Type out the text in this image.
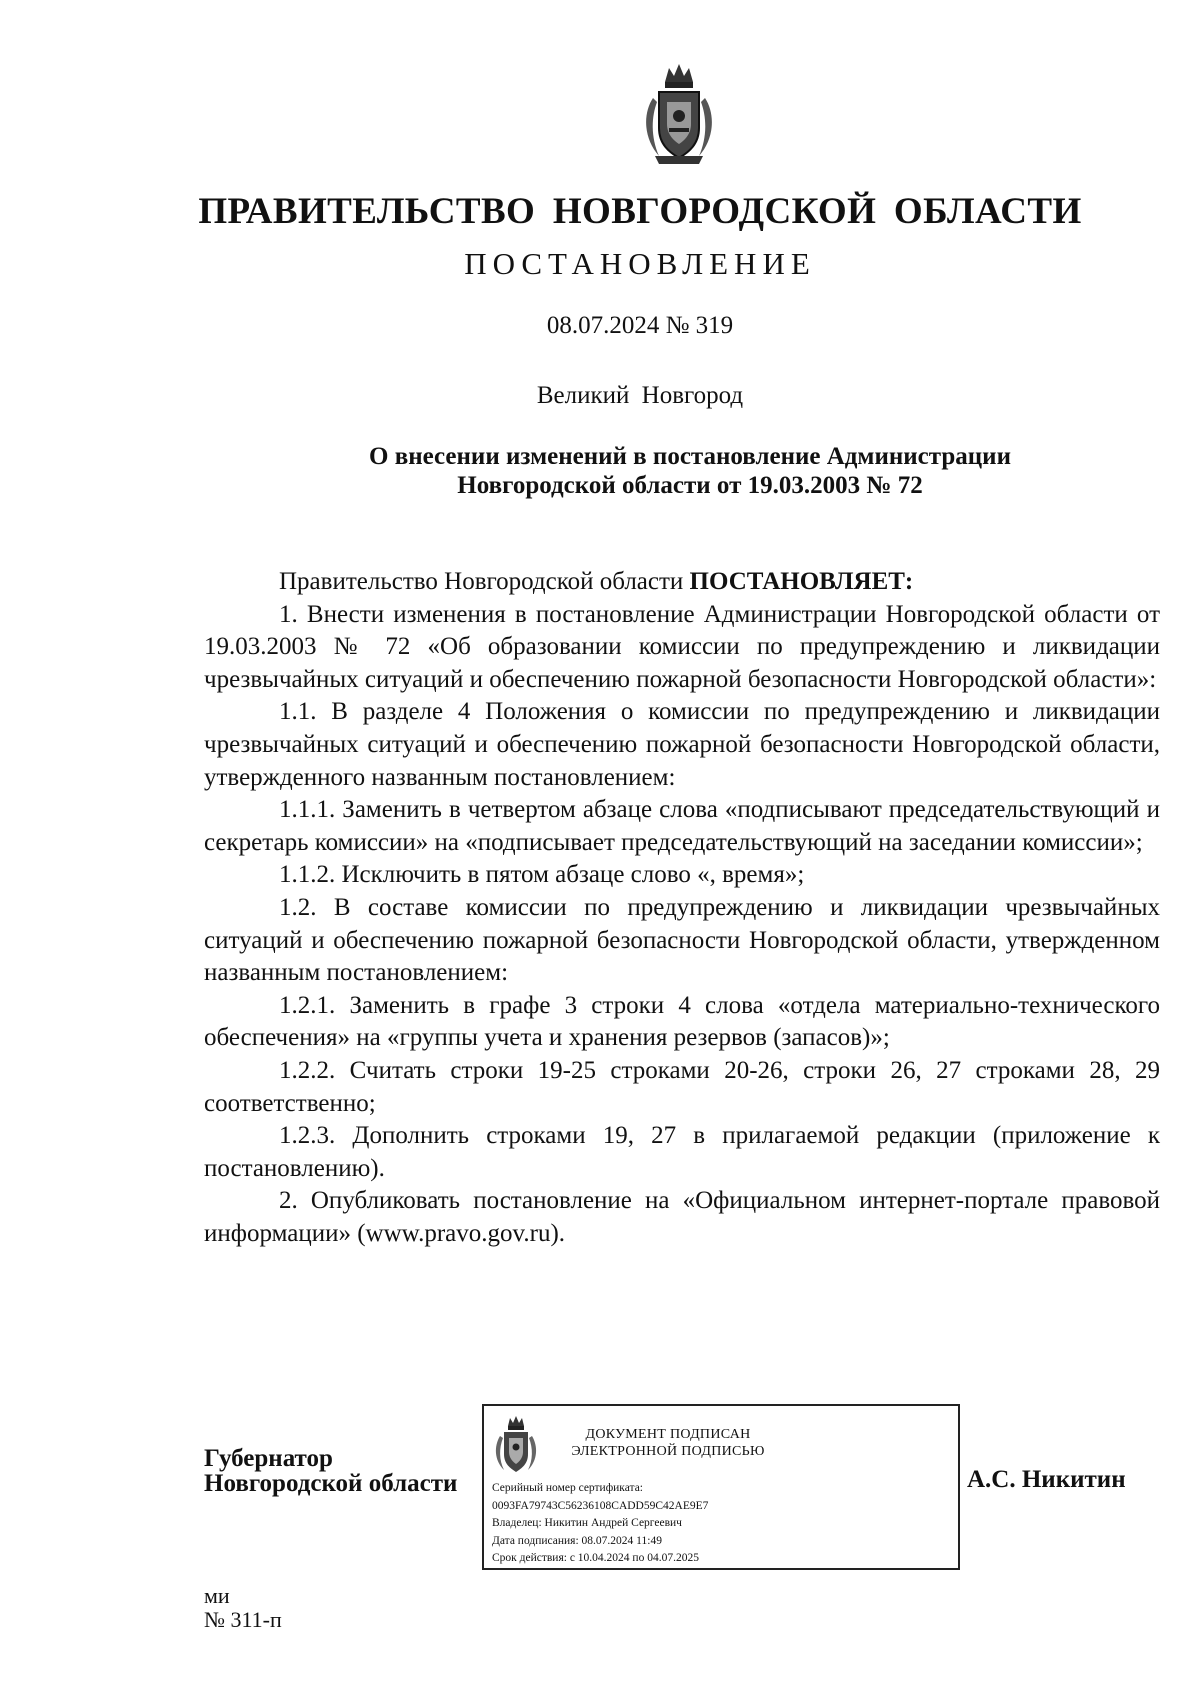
ПРАВИТЕЛЬСТВО НОВГОРОДСКОЙ ОБЛАСТИ
ПОСТАНОВЛЕНИЕ
08.07.2024 № 319
Великий Новгород
О внесении изменений в постановление Администрации
Новгородской области от 19.03.2003 № 72

Правительство Новгородской области ПОСТАНОВЛЯЕТ:

1. Внести изменения в постановление Администрации Новгородской области от 19.03.2003 № 72 «Об образовании комиссии по предупреждению и ликвидации чрезвычайных ситуаций и обеспечению пожарной безопасности Новгородской области»:

1.1. В разделе 4 Положения о комиссии по предупреждению и ликвидации чрезвычайных ситуаций и обеспечению пожарной безопасности Новгородской области, утвержденного названным постановлением:

1.1.1. Заменить в четвертом абзаце слова «подписывают председательствующий и секретарь комиссии» на «подписывает председательствующий на заседании комиссии»;

1.1.2. Исключить в пятом абзаце слово «, время»;

1.2. В составе комиссии по предупреждению и ликвидации чрезвычайных ситуаций и обеспечению пожарной безопасности Новгородской области, утвержденном названным постановлением:

1.2.1. Заменить в графе 3 строки 4 слова «отдела материально-технического обеспечения» на «группы учета и хранения резервов (запасов)»;

1.2.2. Считать строки 19-25 строками 20-26, строки 26, 27 строками 28, 29 соответственно;

1.2.3. Дополнить строками 19, 27 в прилагаемой редакции (приложение к постановлению).

2. Опубликовать постановление на «Официальном интернет-портале правовой информации» (www.pravo.gov.ru).

Губернатор
Новгородской области
ДОКУМЕНТ ПОДПИСАН
ЭЛЕКТРОННОЙ ПОДПИСЬЮ
Серийный номер сертификата:
0093FA79743C56236108CADD59C42AE9E7
Владелец: Никитин Андрей Сергеевич
Дата подписания: 08.07.2024 11:49
Срок действия: с 10.04.2024 по 04.07.2025
А.С. Никитин
ми
№ 311-п
